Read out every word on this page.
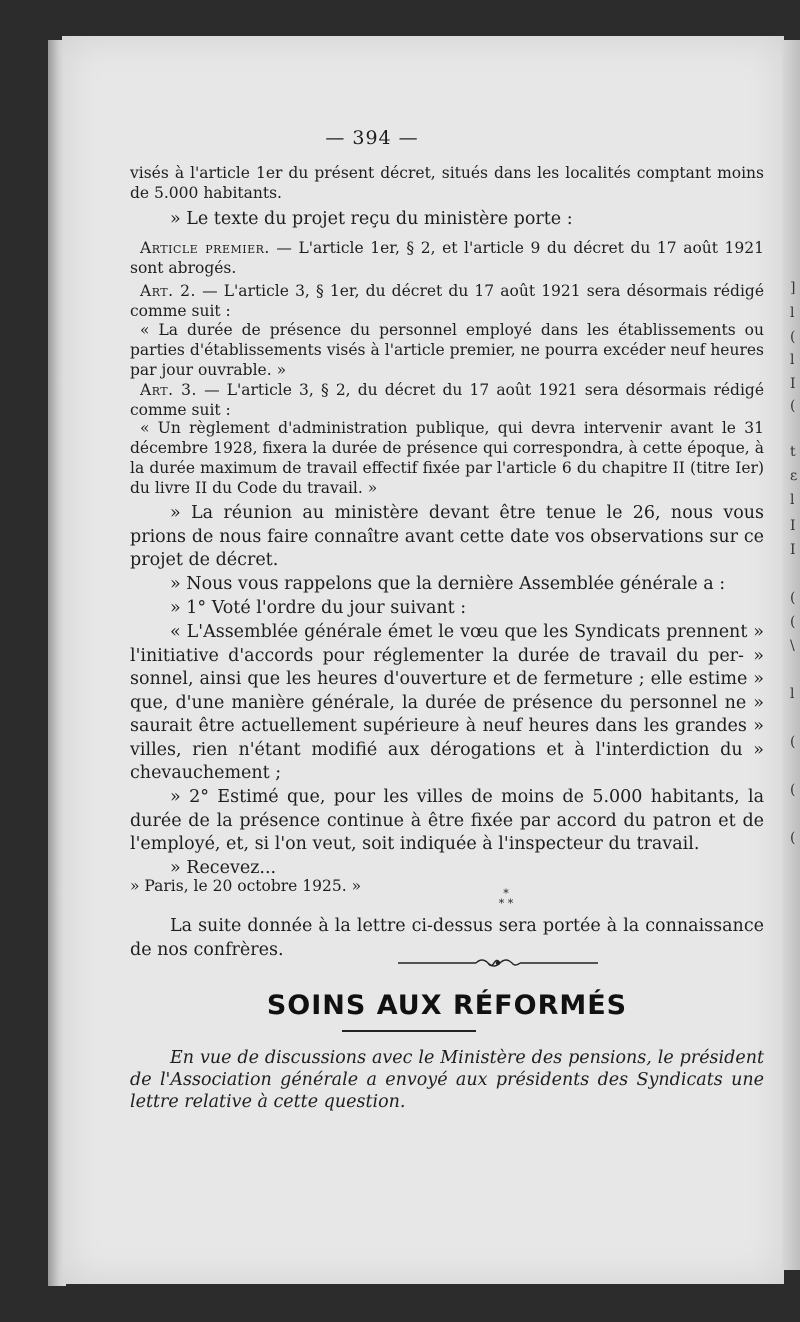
]
l
(
l
I
(
t
ε
l
I
I
(
(
\
l
(
(
(
— 394 —

visés à l'article 1er du présent décret, situés dans les localités comptant moins de 5.000 habitants.

» Le texte du projet reçu du ministère porte :

Article premier. — L'article 1er, § 2, et l'article 9 du décret du 17 août 1921 sont abrogés.

Art. 2. — L'article 3, § 1er, du décret du 17 août 1921 sera désormais rédigé comme suit :

« La durée de présence du personnel employé dans les établissements ou parties d'établissements visés à l'article premier, ne pourra excéder neuf heures par jour ouvrable. »

Art. 3. — L'article 3, § 2, du décret du 17 août 1921 sera désormais rédigé comme suit :

« Un règlement d'administration publique, qui devra intervenir avant le 31 décembre 1928, fixera la durée de présence qui correspondra, à cette époque, à la durée maximum de travail effectif fixée par l'article 6 du chapitre II (titre Ier) du livre II du Code du travail. »

» La réunion au ministère devant être tenue le 26, nous vous prions de nous faire connaître avant cette date vos observations sur ce projet de décret.

» Nous vous rappelons que la dernière Assemblée générale a :

» 1° Voté l'ordre du jour suivant :

« L'Assemblée générale émet le vœu que les Syndicats prennent » l'initiative d'accords pour réglementer la durée de travail du per- » sonnel, ainsi que les heures d'ouverture et de fermeture ; elle estime » que, d'une manière générale, la durée de présence du personnel ne » saurait être actuellement supérieure à neuf heures dans les grandes » villes, rien n'étant modifié aux dérogations et à l'interdiction du » chevauchement ;

» 2° Estimé que, pour les villes de moins de 5.000 habitants, la durée de la présence continue à être fixée par accord du patron et de l'employé, et, si l'on veut, soit indiquée à l'inspecteur du travail.

» Recevez...

» Paris, le 20 octobre 1925. »	*
* *

La suite donnée à la lettre ci-dessus sera portée à la connaissance de nos confrères.

SOINS AUX RÉFORMÉS

En vue de discussions avec le Ministère des pensions, le président de l'Association générale a envoyé aux présidents des Syndicats une lettre relative à cette question.
